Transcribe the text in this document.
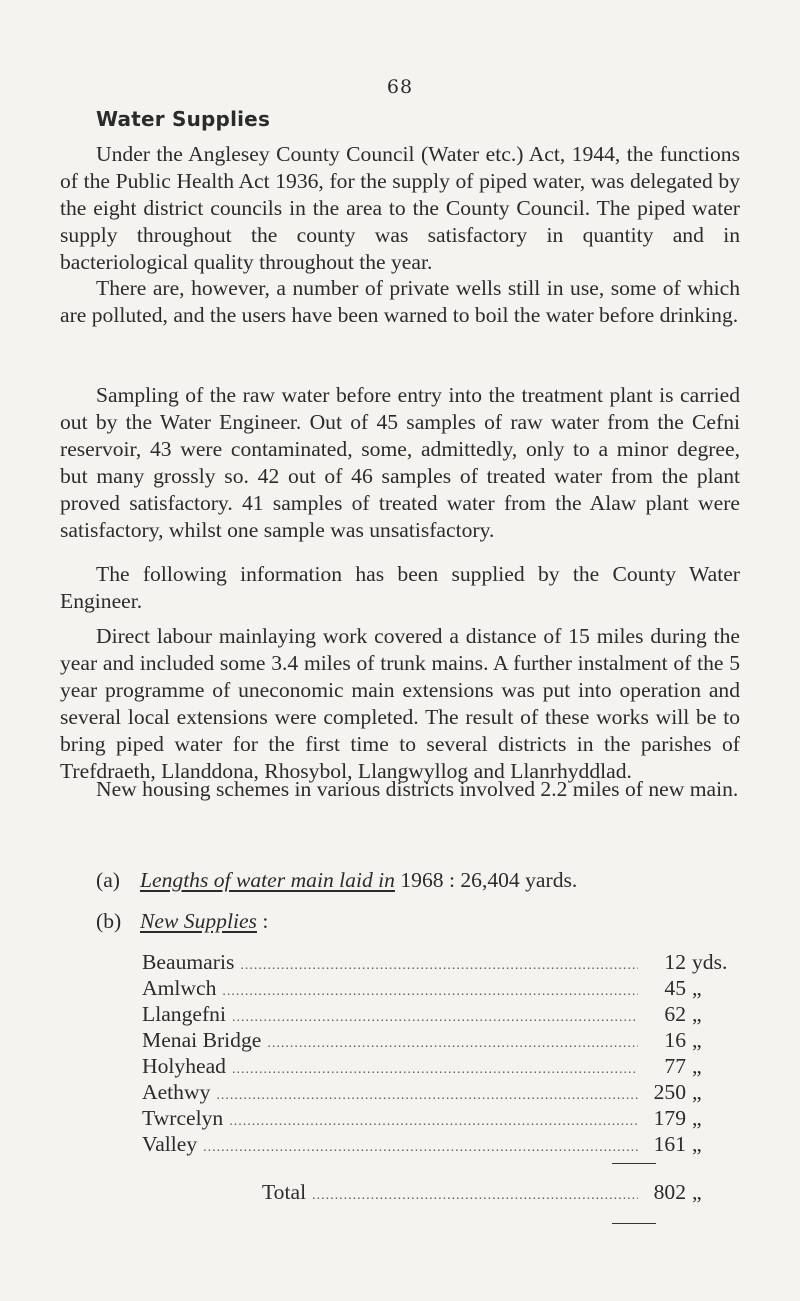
68
Water Supplies
Under the Anglesey County Council (Water etc.) Act, 1944, the functions of the Public Health Act 1936, for the supply of piped water, was delegated by the eight district councils in the area to the County Council. The piped water supply throughout the county was satisfactory in quantity and in bacteriological quality throughout the year.
There are, however, a number of private wells still in use, some of which are polluted, and the users have been warned to boil the water before drinking.
Sampling of the raw water before entry into the treatment plant is carried out by the Water Engineer. Out of 45 samples of raw water from the Cefni reservoir, 43 were contaminated, some, admittedly, only to a minor degree, but many grossly so. 42 out of 46 samples of treated water from the plant proved satisfactory. 41 samples of treated water from the Alaw plant were satisfactory, whilst one sample was unsatisfactory.
The following information has been supplied by the County Water Engineer.
Direct labour mainlaying work covered a distance of 15 miles during the year and included some 3.4 miles of trunk mains. A further instalment of the 5 year programme of uneconomic main extensions was put into operation and several local extensions were completed. The result of these works will be to bring piped water for the first time to several districts in the parishes of Trefdraeth, Llanddona, Rhosybol, Llangwyllog and Llanrhyddlad.
New housing schemes in various districts involved 2.2 miles of new main.
(a) Lengths of water main laid in 1968 : 26,404 yards.
(b) New Supplies :
Beaumaris .....	12 yds.
Amlwch .....	45 „
Llangefni .....	62 „
Menai Bridge .....	16 „
Holyhead .....	77 „
Aethwy .....	250 „
Twrcelyn .....	179 „
Valley .....	161 „
Total .....	802 „
